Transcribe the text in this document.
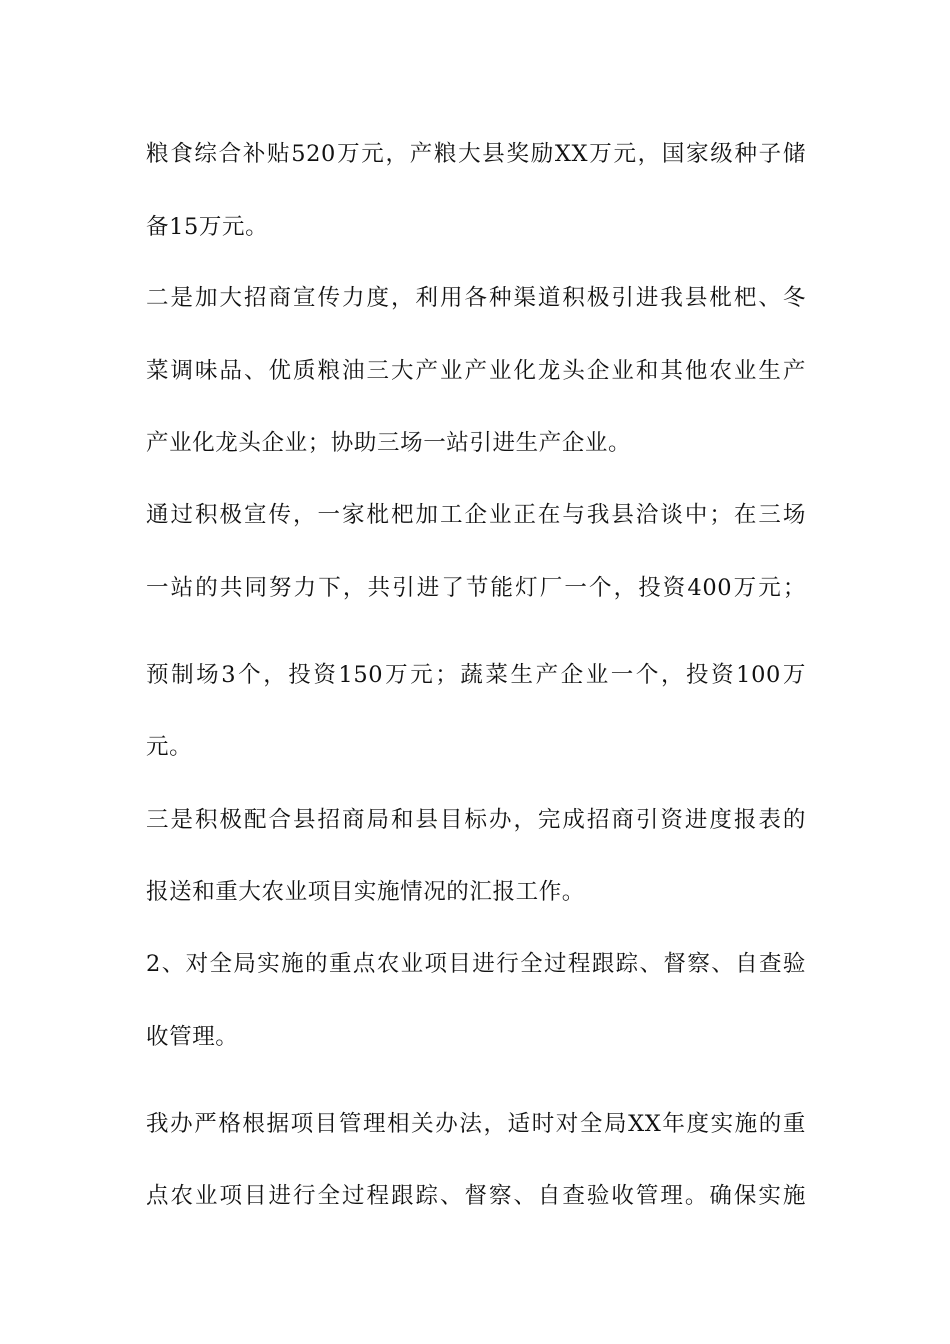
粮食综合补贴520万元，产粮大县奖励XX万元，国家级种子储
备15万元。
二是加大招商宣传力度，利用各种渠道积极引进我县枇杷、冬
菜调味品、优质粮油三大产业产业化龙头企业和其他农业生产
产业化龙头企业；协助三场一站引进生产企业。
通过积极宣传，一家枇杷加工企业正在与我县洽谈中；在三场
一站的共同努力下，共引进了节能灯厂一个，投资400万元；
预制场3个，投资150万元；蔬菜生产企业一个，投资100万
元。
三是积极配合县招商局和县目标办，完成招商引资进度报表的
报送和重大农业项目实施情况的汇报工作。
2、对全局实施的重点农业项目进行全过程跟踪、督察、自查验
收管理。
我办严格根据项目管理相关办法，适时对全局XX年度实施的重
点农业项目进行全过程跟踪、督察、自查验收管理。确保实施
